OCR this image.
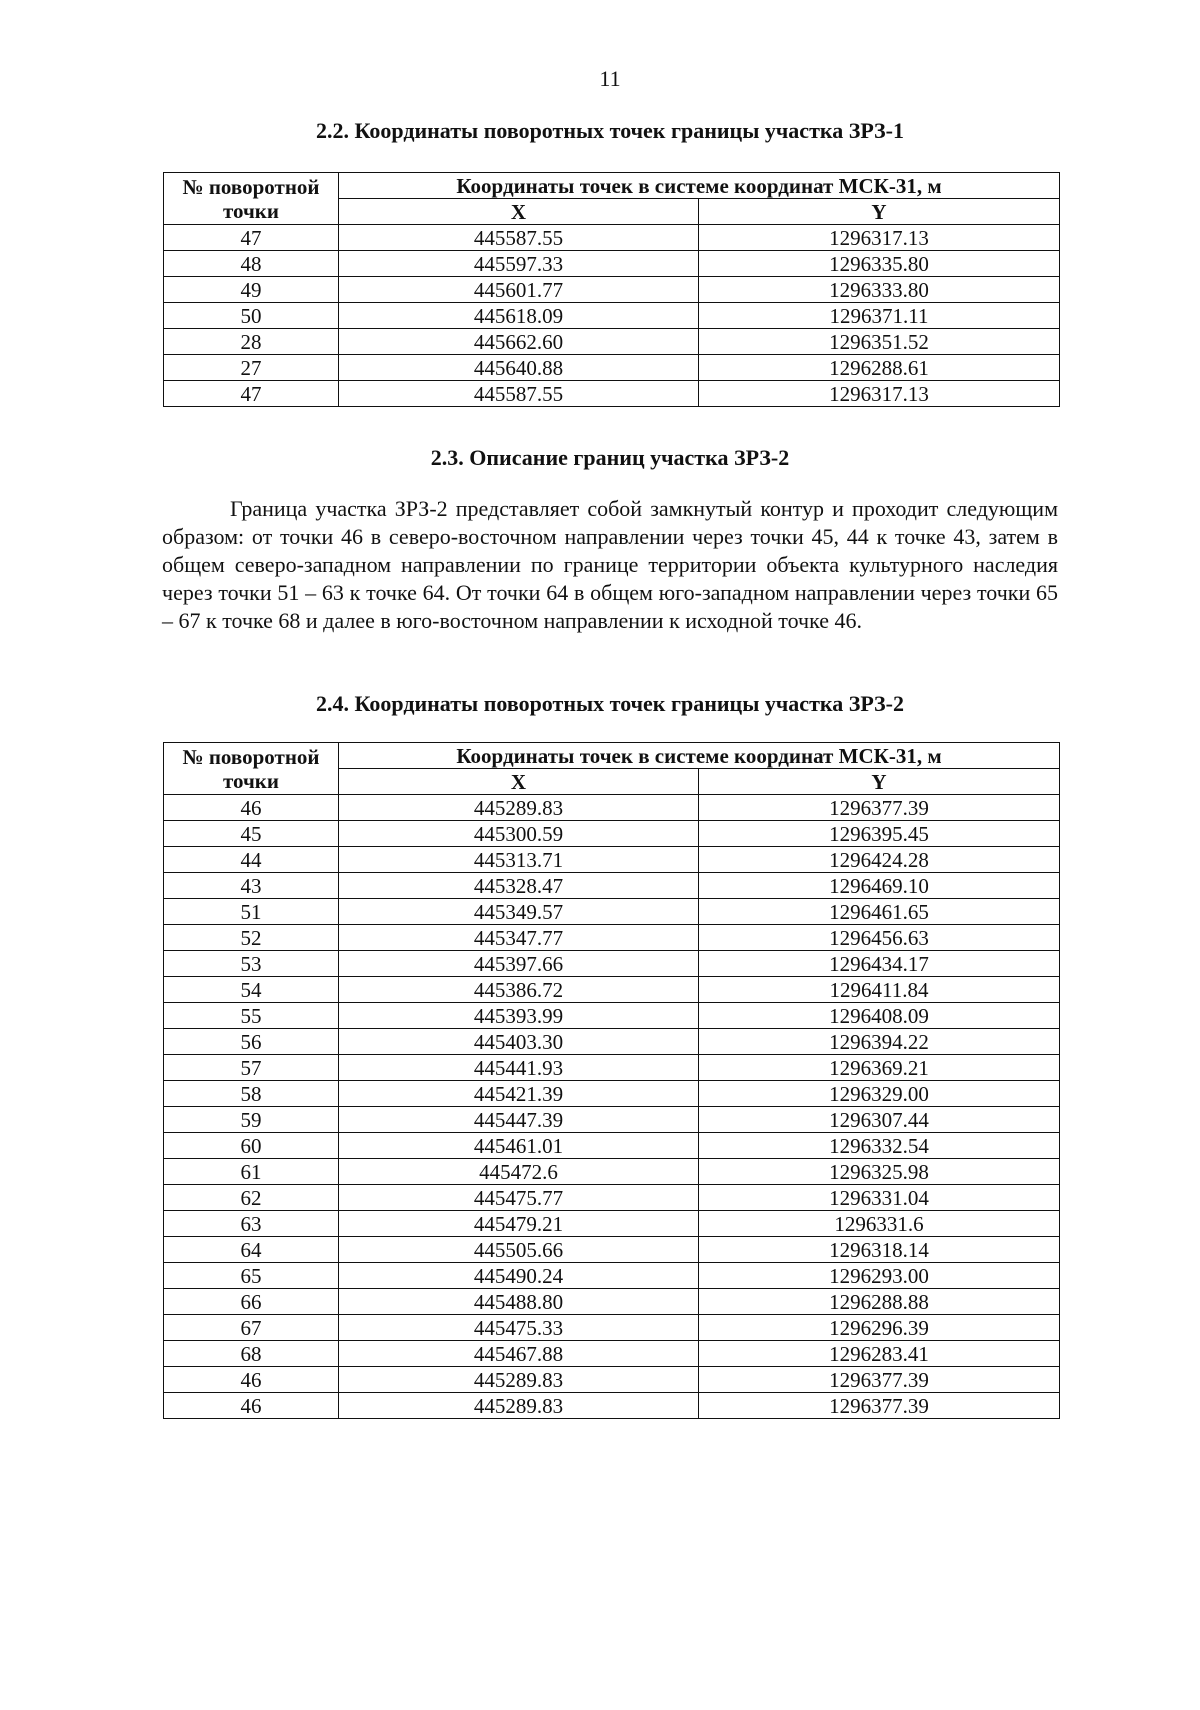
11
2.2. Координаты поворотных точек границы участка ЗРЗ-1
№ поворотной точки	Координаты точек в системе координат МСК-31, м	
	X	Y
47	445587.55	1296317.13
48	445597.33	1296335.80
49	445601.77	1296333.80
50	445618.09	1296371.11
28	445662.60	1296351.52
27	445640.88	1296288.61
47	445587.55	1296317.13
2.3. Описание границ участка ЗРЗ-2
Граница участка ЗРЗ-2 представляет собой замкнутый контур и проходит следующим образом: от точки 46 в северо-восточном направлении через точки 45, 44 к точке 43, затем в общем северо-западном направлении по границе территории объекта культурного наследия через точки 51 – 63 к точке 64. От точки 64 в общем юго-западном направлении через точки 65 – 67 к точке 68 и далее в юго-восточном направлении к исходной точке 46.
2.4. Координаты поворотных точек границы участка ЗРЗ-2
№ поворотной точки	Координаты точек в системе координат МСК-31, м	
	X	Y
46	445289.83	1296377.39
45	445300.59	1296395.45
44	445313.71	1296424.28
43	445328.47	1296469.10
51	445349.57	1296461.65
52	445347.77	1296456.63
53	445397.66	1296434.17
54	445386.72	1296411.84
55	445393.99	1296408.09
56	445403.30	1296394.22
57	445441.93	1296369.21
58	445421.39	1296329.00
59	445447.39	1296307.44
60	445461.01	1296332.54
61	445472.6	1296325.98
62	445475.77	1296331.04
63	445479.21	1296331.6
64	445505.66	1296318.14
65	445490.24	1296293.00
66	445488.80	1296288.88
67	445475.33	1296296.39
68	445467.88	1296283.41
46	445289.83	1296377.39
46	445289.83	1296377.39
